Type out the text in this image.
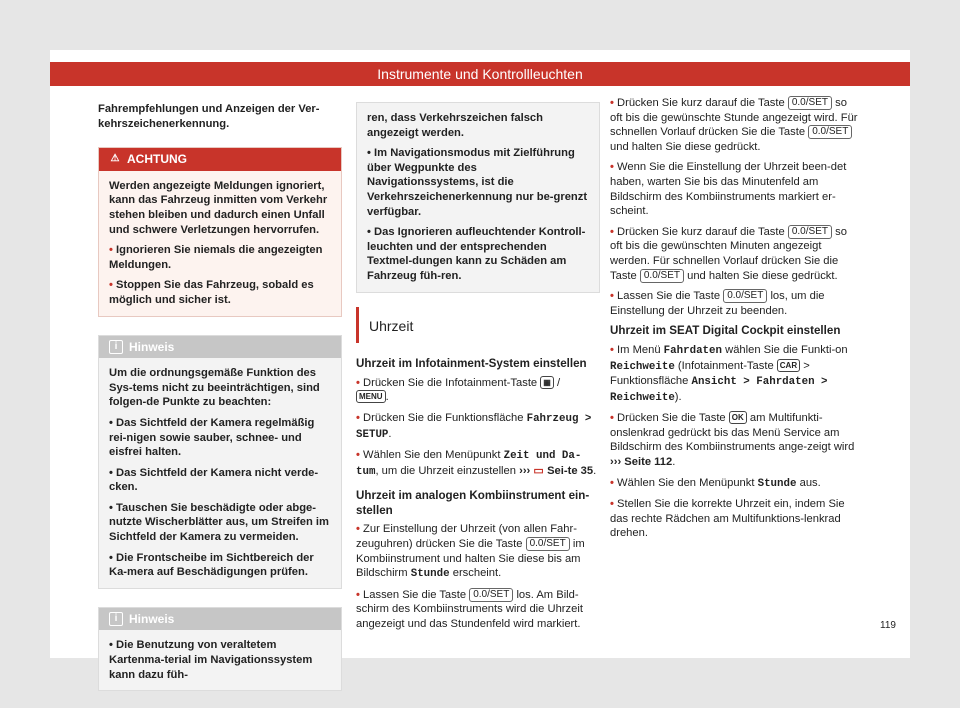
Instrumente und Kontrollleuchten

Fahrempfehlungen und Anzeigen der Ver-kehrszeichenerkennung.

⚠ ACHTUNG

Werden angezeigte Meldungen ignoriert, kann das Fahrzeug inmitten vom Verkehr stehen bleiben und dadurch einen Unfall und schwere Verletzungen hervorrufen.

• Ignorieren Sie niemals die angezeigten Meldungen.

• Stoppen Sie das Fahrzeug, sobald es möglich und sicher ist.

i Hinweis

Um die ordnungsgemäße Funktion des Sys-tems nicht zu beeinträchtigen, sind folgen-de Punkte zu beachten:

• Das Sichtfeld der Kamera regelmäßig rei-nigen sowie sauber, schnee- und eisfrei halten.

• Das Sichtfeld der Kamera nicht verde-cken.

• Tauschen Sie beschädigte oder abge-nutzte Wischerblätter aus, um Streifen im Sichtfeld der Kamera zu vermeiden.

• Die Frontscheibe im Sichtbereich der Ka-mera auf Beschädigungen prüfen.

i Hinweis

• Die Benutzung von veraltetem Kartenma-terial im Navigationssystem kann dazu füh-

ren, dass Verkehrszeichen falsch angezeigt werden.

• Im Navigationsmodus mit Zielführung über Wegpunkte des Navigationssystems, ist die Verkehrszeichenerkennung nur be-grenzt verfügbar.

• Das Ignorieren aufleuchtender Kontroll-leuchten und der entsprechenden Textmel-dungen kann zu Schäden am Fahrzeug füh-ren.

Uhrzeit
Uhrzeit im Infotainment-System einstellen

• Drücken Sie die Infotainment-Taste ▦ /
MENU .

• Drücken Sie die Funktionsfläche Fahrzeug > SETUP.

• Wählen Sie den Menüpunkt Zeit und Da-tum, um die Uhrzeit einzustellen ››› ▭ Sei-te 35.

Uhrzeit im analogen Kombiinstrument ein-stellen

• Zur Einstellung der Uhrzeit (von allen Fahr-zeuguhren) drücken Sie die Taste 0.0/SET im Kombiinstrument und halten Sie diese bis am Bildschirm Stunde erscheint.

• Lassen Sie die Taste 0.0/SET los. Am Bild-schirm des Kombiinstruments wird die Uhrzeit angezeigt und das Stundenfeld wird markiert.

• Drücken Sie kurz darauf die Taste 0.0/SET so oft bis die gewünschte Stunde angezeigt wird. Für schnellen Vorlauf drücken Sie die Taste 0.0/SET und halten Sie diese gedrückt.

• Wenn Sie die Einstellung der Uhrzeit been-det haben, warten Sie bis das Minutenfeld am Bildschirm des Kombiinstruments markiert er-scheint.

• Drücken Sie kurz darauf die Taste 0.0/SET so oft bis die gewünschten Minuten angezeigt werden. Für schnellen Vorlauf drücken Sie die Taste 0.0/SET und halten Sie diese gedrückt.

• Lassen Sie die Taste 0.0/SET los, um die Einstellung der Uhrzeit zu beenden.

Uhrzeit im SEAT Digital Cockpit einstellen

• Im Menü Fahrdaten wählen Sie die Funkti-on Reichweite (Infotainment-Taste CAR > Funktionsfläche Ansicht > Fahrdaten > Reichweite).

• Drücken Sie die Taste OK am Multifunkti-onslenkrad gedrückt bis das Menü Service am Bildschirm des Kombiinstruments ange-zeigt wird ››› Seite 112.

• Wählen Sie den Menüpunkt Stunde aus.

• Stellen Sie die korrekte Uhrzeit ein, indem Sie das rechte Rädchen am Multifunktions-lenkrad drehen.

119
